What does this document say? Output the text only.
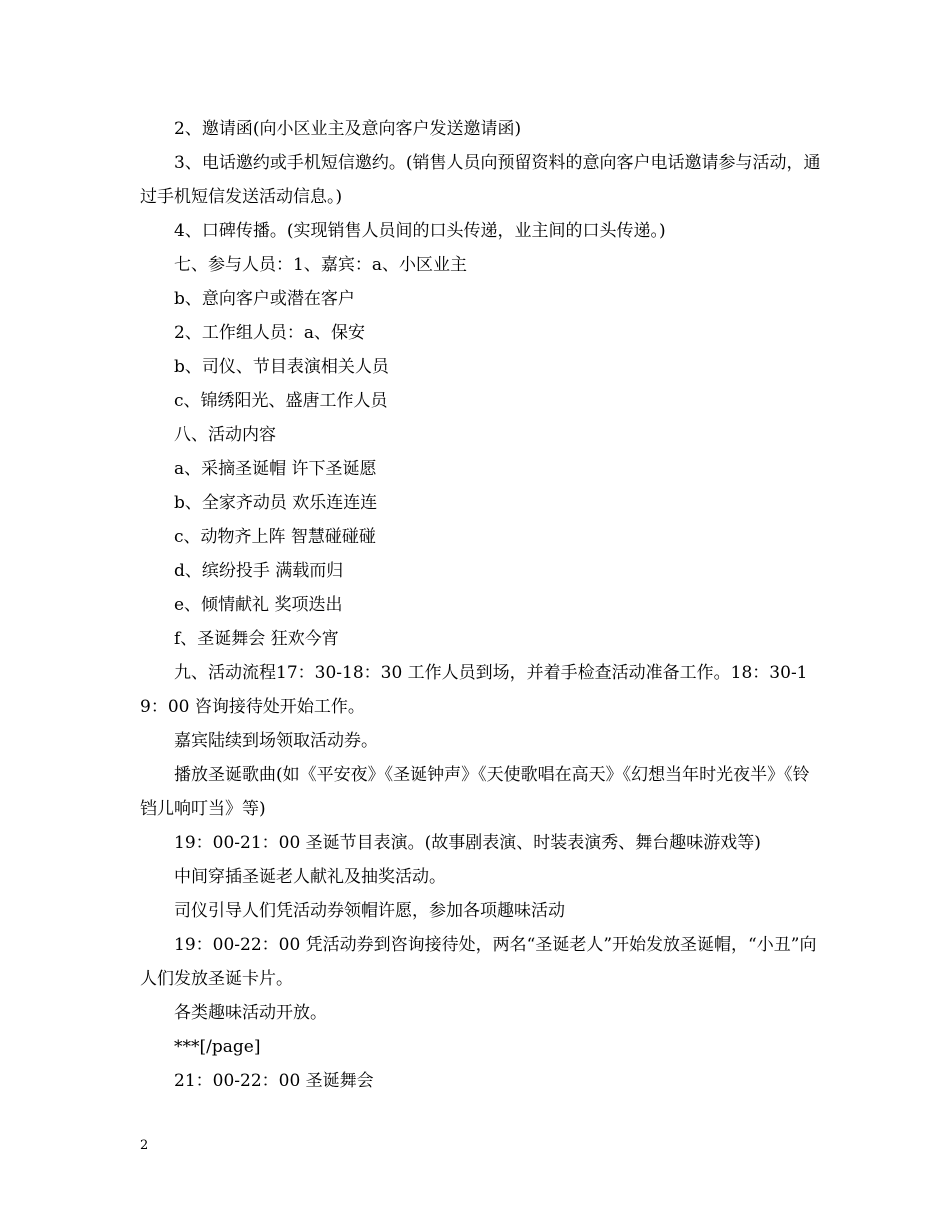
2、邀请函(向小区业主及意向客户发送邀请函)

3、电话邀约或手机短信邀约。(销售人员向预留资料的意向客户电话邀请参与活动，通过手机短信发送活动信息。)

4、口碑传播。(实现销售人员间的口头传递，业主间的口头传递。)

七、参与人员：1、嘉宾：a、小区业主

b、意向客户或潜在客户

2、工作组人员：a、保安

b、司仪、节目表演相关人员

c、锦绣阳光、盛唐工作人员

八、活动内容

a、采摘圣诞帽 许下圣诞愿

b、全家齐动员 欢乐连连连

c、动物齐上阵 智慧碰碰碰

d、缤纷投手 满载而归

e、倾情献礼 奖项迭出

f、圣诞舞会 狂欢今宵

九、活动流程17：30-18：30 工作人员到场，并着手检查活动准备工作。18：30-19：00 咨询接待处开始工作。

嘉宾陆续到场领取活动券。

播放圣诞歌曲(如《平安夜》《圣诞钟声》《天使歌唱在高天》《幻想当年时光夜半》《铃铛儿响叮当》等)

19：00-21：00 圣诞节目表演。(故事剧表演、时装表演秀、舞台趣味游戏等)

中间穿插圣诞老人献礼及抽奖活动。

司仪引导人们凭活动券领帽许愿，参加各项趣味活动

19：00-22：00 凭活动券到咨询接待处，两名“圣诞老人”开始发放圣诞帽，“小丑”向人们发放圣诞卡片。

各类趣味活动开放。

***[/page]

21：00-22：00 圣诞舞会

2
